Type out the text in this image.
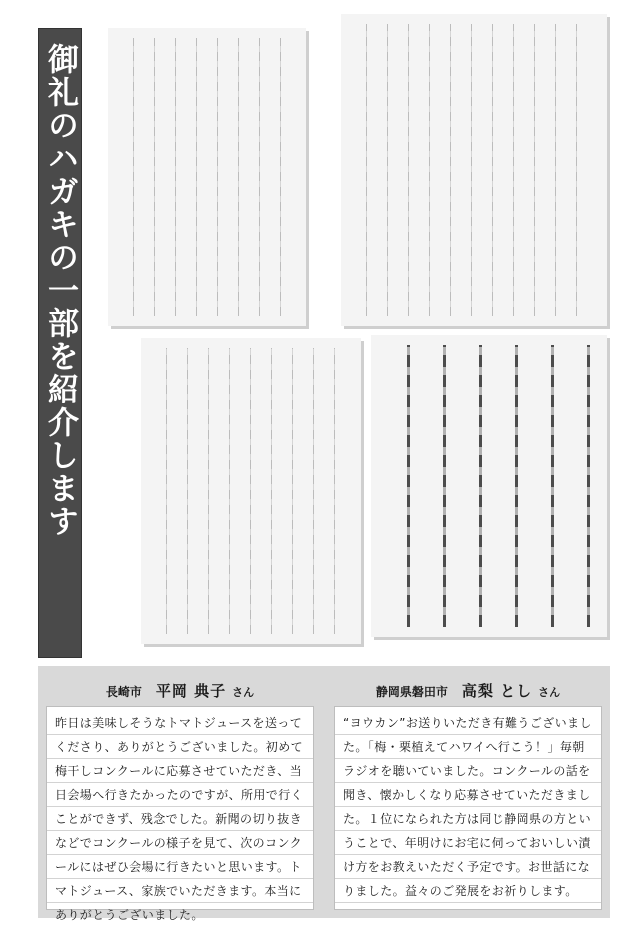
御礼のハガキの一部を紹介します
長崎市 平岡 典子 さん
昨日は美味しそうなトマトジュースを送ってくださり、ありがとうございました。初めて梅干しコンクールに応募させていただき、当日会場へ行きたかったのですが、所用で行くことができず、残念でした。新聞の切り抜きなどでコンクールの様子を見て、次のコンクールにはぜひ会場に行きたいと思います。トマトジュース、家族でいただきます。本当にありがとうございました。
静岡県磐田市 高梨 とし さん
“ヨウカン”お送りいただき有難うございました。「梅・栗植えてハワイへ行こう！」毎朝ラジオを聴いていました。コンクールの話を聞き、懐かしくなり応募させていただきました。１位になられた方は同じ静岡県の方ということで、年明けにお宅に伺っておいしい漬け方をお教えいただく予定です。お世話になりました。益々のご発展をお祈りします。
